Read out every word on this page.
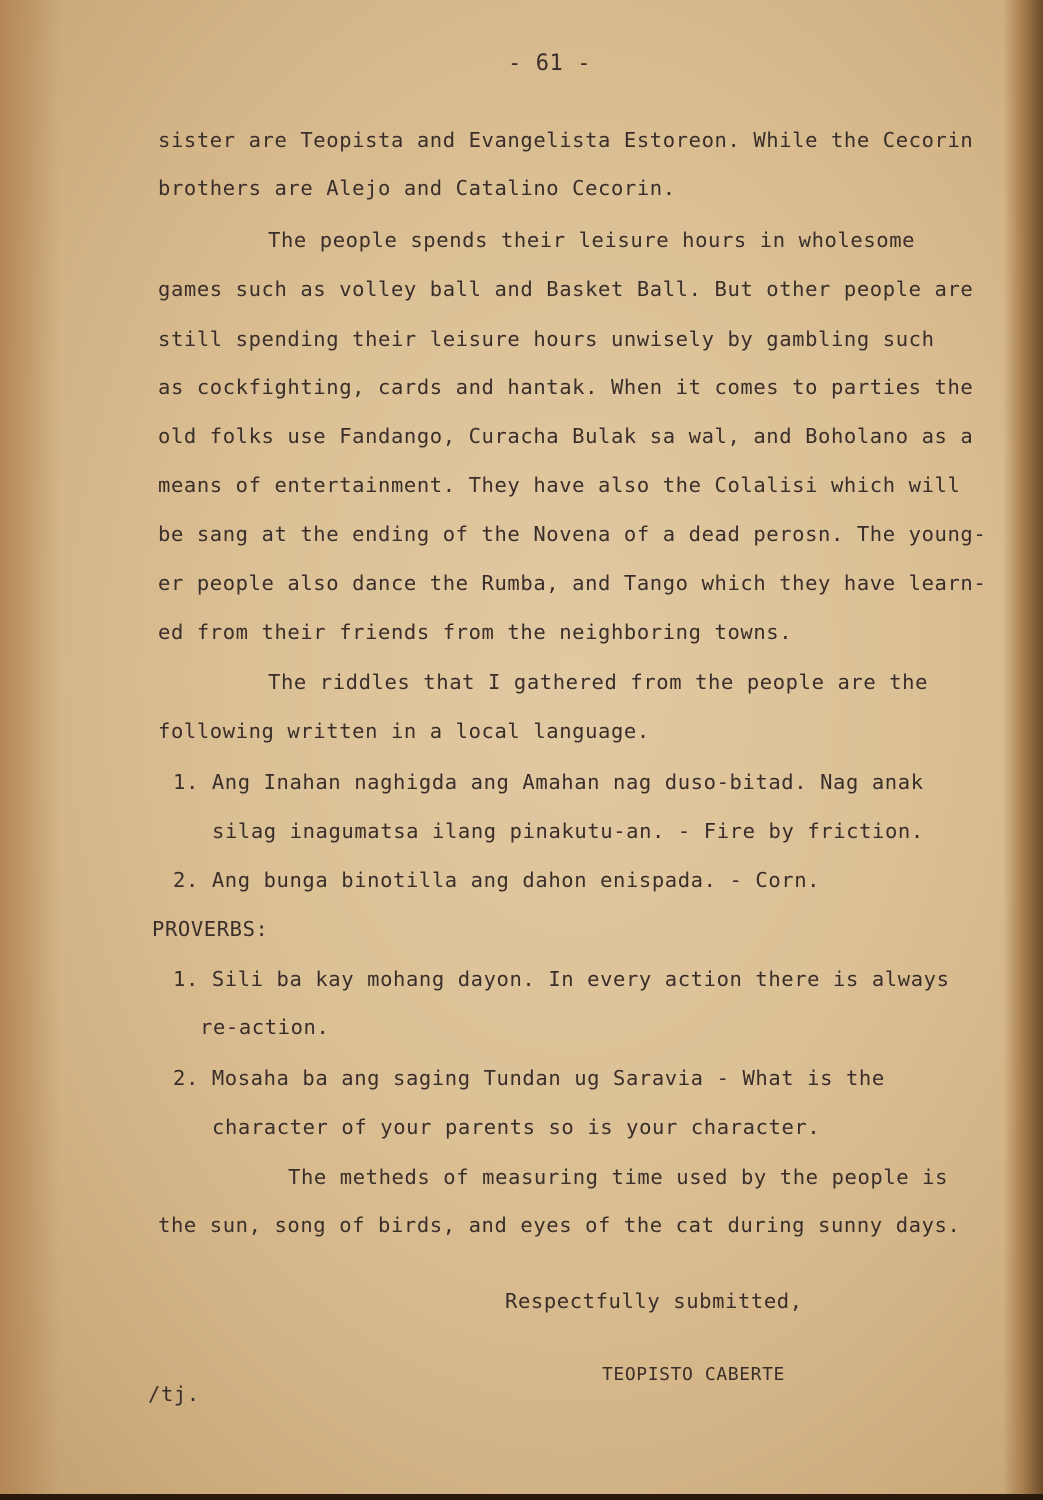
- 61 -
sister are Teopista and Evangelista Estoreon. While the Cecorin
brothers are Alejo and Catalino Cecorin.
The people spends their leisure hours in wholesome
games such as volley ball and Basket Ball. But other people are
still spending their leisure hours unwisely by gambling such
as cockfighting, cards and hantak. When it comes to parties the
old folks use Fandango, Curacha Bulak sa wal, and Boholano as a
means of entertainment. They have also the Colalisi which will
be sang at the ending of the Novena of a dead perosn. The young-
er people also dance the Rumba, and Tango which they have learn-
ed from their friends from the neighboring towns.
The riddles that I gathered from the people are the
following written in a local language.
1. Ang Inahan naghigda ang Amahan nag duso-bitad. Nag anak
silag inagumatsa ilang pinakutu-an. - Fire by friction.
2. Ang bunga binotilla ang dahon enispada. - Corn.
PROVERBS:
1. Sili ba kay mohang dayon. In every action there is always
re-action.
2. Mosaha ba ang saging Tundan ug Saravia - What is the
character of your parents so is your character.
The metheds of measuring time used by the people is
the sun, song of birds, and eyes of the cat during sunny days.
Respectfully submitted,
TEOPISTO CABERTE
/tj.
